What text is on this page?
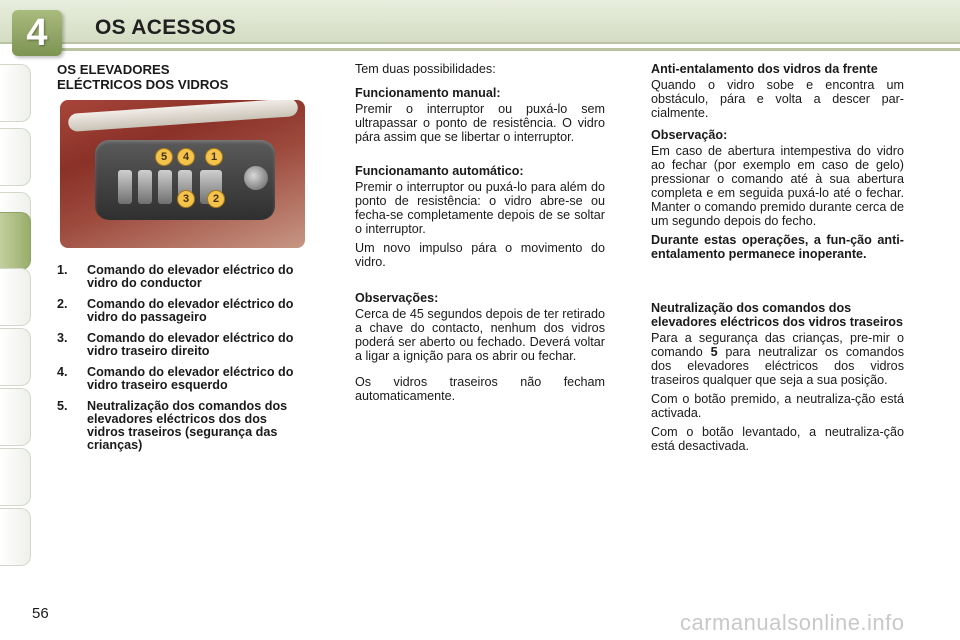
4	OS ACESSOS
OS ELEVADORES
ELÉCTRICOS DOS VIDROS
5	4	1
3	2
1. Comando do elevador eléctrico do vidro do conductor
2. Comando do elevador eléctrico do vidro do passageiro
3. Comando do elevador eléctrico do vidro traseiro direito
4. Comando do elevador eléctrico do vidro traseiro esquerdo
5. Neutralização dos comandos dos elevadores eléctricos dos dos vidros traseiros (segurança das crianças)

Tem duas possibilidades:

Funcionamento manual:

Premir o interruptor ou puxá-lo sem ultrapassar o ponto de resistência. O vidro pára assim que se libertar o interruptor.

Funcionamanto automático:

Premir o interruptor ou puxá-lo para além do ponto de resistência: o vidro abre-se ou fecha-se completamente depois de se soltar o interruptor.

Um novo impulso pára o movimento do vidro.

Observações:

Cerca de 45 segundos depois de ter retirado a chave do contacto, nenhum dos vidros poderá ser aberto ou fechado. Deverá voltar a ligar a ignição para os abrir ou fechar.

Os vidros traseiros não fecham automaticamente.

Anti-entalamento dos vidros da frente

Quando o vidro sobe e encontra um obstáculo, pára e volta a descer par-cialmente.

Observação:

Em caso de abertura intempestiva do vidro ao fechar (por exemplo em caso de gelo) pressionar o comando até à sua abertura completa e em seguida puxá-lo até o fechar. Manter o comando premido durante cerca de um segundo depois do fecho.

Durante estas operações, a fun-ção anti-entalamento permanece inoperante.

Neutralização dos comandos dos elevadores eléctricos dos vidros traseiros

Para a segurança das crianças, pre-mir o comando 5 para neutralizar os comandos dos elevadores eléctricos dos vidros traseiros qualquer que seja a sua posição.

Com o botão premido, a neutraliza-ção está activada.

Com o botão levantado, a neutraliza-ção está desactivada.

56	carmanualsonline.info
